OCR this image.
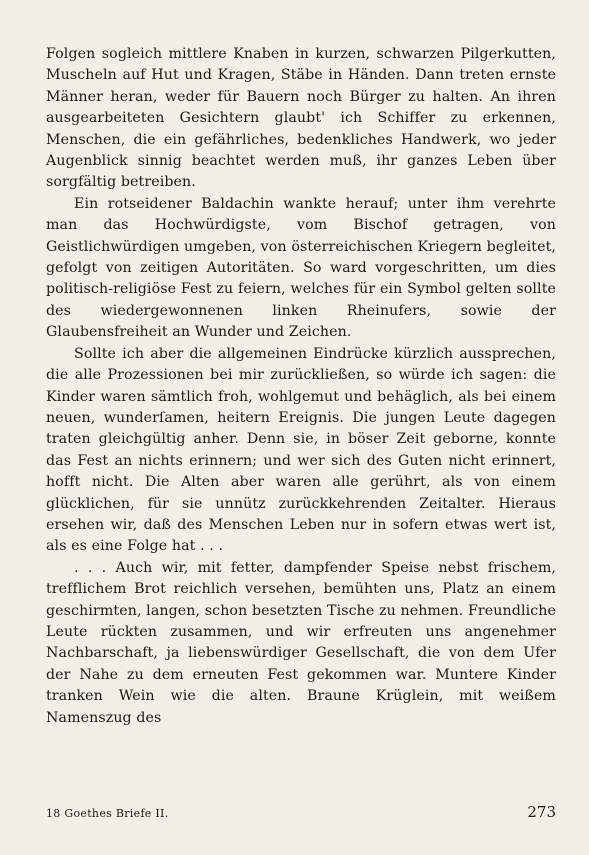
Folgen sogleich mittlere Knaben in kurzen, schwarzen Pilgerkutten, Muscheln auf Hut und Kragen, Stäbe in Händen. Dann treten ernste Männer heran, weder für Bauern noch Bürger zu halten. An ihren ausgearbeiteten Gesichtern glaubt' ich Schiffer zu erkennen, Menschen, die ein gefährliches, bedenkliches Handwerk, wo jeder Augenblick sinnig beachtet werden muß, ihr ganzes Leben über sorgfältig betreiben.

Ein rotseidener Baldachin wankte herauf; unter ihm verehrte man das Hochwürdigste, vom Bischof getragen, von Geistlichwürdigen umgeben, von österreichischen Kriegern begleitet, gefolgt von zeitigen Autoritäten. So ward vorgeschritten, um dies politisch-religiöse Fest zu feiern, welches für ein Symbol gelten sollte des wiedergewonnenen linken Rheinufers, sowie der Glaubensfreiheit an Wunder und Zeichen.

Sollte ich aber die allgemeinen Eindrücke kürzlich aussprechen, die alle Prozessionen bei mir zurückließen, so würde ich sagen: die Kinder waren sämtlich froh, wohlgemut und behäglich, als bei einem neuen, wunderſamen, heitern Ereignis. Die jungen Leute dagegen traten gleichgültig anher. Denn sie, in böser Zeit geborne, konnte das Fest an nichts erinnern; und wer sich des Guten nicht erinnert, hofft nicht. Die Alten aber waren alle gerührt, als von einem glücklichen, für sie unnütz zurückkehrenden Zeitalter. Hieraus ersehen wir, daß des Menschen Leben nur in sofern etwas wert ist, als es eine Folge hat . . .

. . . Auch wir, mit fetter, dampfender Speise nebst frischem, trefflichem Brot reichlich versehen, bemühten uns, Platz an einem geschirmten, langen, schon besetzten Tische zu nehmen. Freundliche Leute rückten zusammen, und wir erfreuten uns angenehmer Nachbarschaft, ja liebenswürdiger Gesellschaft, die von dem Ufer der Nahe zu dem erneuten Fest gekommen war. Muntere Kinder tranken Wein wie die alten. Braune Krüglein, mit weißem Namenszug des

18 Goethes Briefe II.	273
